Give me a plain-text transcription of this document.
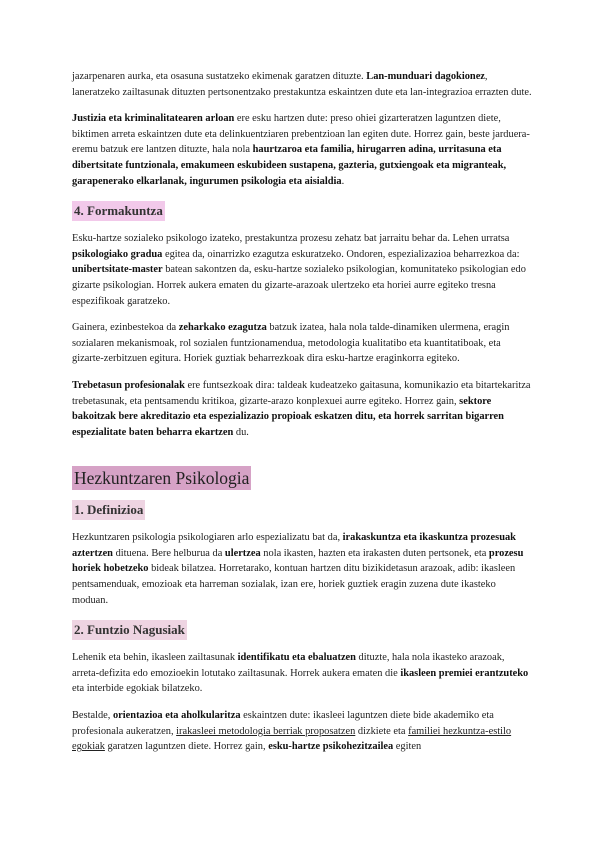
jazarpenaren aurka, eta osasuna sustatzeko ekimenak garatzen dituzte. Lan-munduari dagokionez, laneratzeko zailtasunak dituzten pertsonentzako prestakuntza eskaintzen dute eta lan-integrazioa errazten dute.

Justizia eta kriminalitatearen arloan ere esku hartzen dute: preso ohiei gizarteratzen laguntzen diete, biktimen arreta eskaintzen dute eta delinkuentziaren prebentzioan lan egiten dute. Horrez gain, beste jarduera-eremu batzuk ere lantzen dituzte, hala nola haurtzaroa eta familia, hirugarren adina, urritasuna eta dibertsitate funtzionala, emakumeen eskubideen sustapena, gazteria, gutxiengoak eta migranteak, garapenerako elkarlanak, ingurumen psikologia eta aisialdia.

4. Formakuntza

Esku-hartze sozialeko psikologo izateko, prestakuntza prozesu zehatz bat jarraitu behar da. Lehen urratsa psikologiako gradua egitea da, oinarrizko ezagutza eskuratzeko. Ondoren, espezializazioa beharrezkoa da: unibertsitate-master batean sakontzen da, esku-hartze sozialeko psikologian, komunitateko psikologian edo gizarte psikologian. Horrek aukera ematen du gizarte-arazoak ulertzeko eta horiei aurre egiteko tresna espezifikoak garatzeko.

Gainera, ezinbestekoa da zeharkako ezagutza batzuk izatea, hala nola talde-dinamiken ulermena, eragin sozialaren mekanismoak, rol sozialen funtzionamendua, metodologia kualitatibo eta kuantitatiboak, eta gizarte-zerbitzuen egitura. Horiek guztiak beharrezkoak dira esku-hartze eraginkorra egiteko.

Trebetasun profesionalak ere funtsezkoak dira: taldeak kudeatzeko gaitasuna, komunikazio eta bitartekaritza trebetasunak, eta pentsamendu kritikoa, gizarte-arazo konplexuei aurre egiteko. Horrez gain, sektore bakoitzak bere akreditazio eta espezializazio propioak eskatzen ditu, eta horrek sarritan bigarren espezialitate baten beharra ekartzen du.

Hezkuntzaren Psikologia
1. Definizioa

Hezkuntzaren psikologia psikologiaren arlo espezializatu bat da, irakaskuntza eta ikaskuntza prozesuak aztertzen dituena. Bere helburua da ulertzea nola ikasten, hazten eta irakasten duten pertsonek, eta prozesu horiek hobetzeko bideak bilatzea. Horretarako, kontuan hartzen ditu bizikidetasun arazoak, adib: ikasleen pentsamenduak, emozioak eta harreman sozialak, izan ere, horiek guztiek eragin zuzena dute ikasteko moduan.

2. Funtzio Nagusiak

Lehenik eta behin, ikasleen zailtasunak identifikatu eta ebaluatzen dituzte, hala nola ikasteko arazoak, arreta-defizita edo emozioekin lotutako zailtasunak. Horrek aukera ematen die ikasleen premiei erantzuteko eta interbide egokiak bilatzeko.

Bestalde, orientazioa eta aholkularitza eskaintzen dute: ikasleei laguntzen diete bide akademiko eta profesionala aukeratzen, irakasleei metodologia berriak proposatzen dizkiete eta familiei hezkuntza-estilo egokiak garatzen laguntzen diete. Horrez gain, esku-hartze psikohezitzailea egiten
